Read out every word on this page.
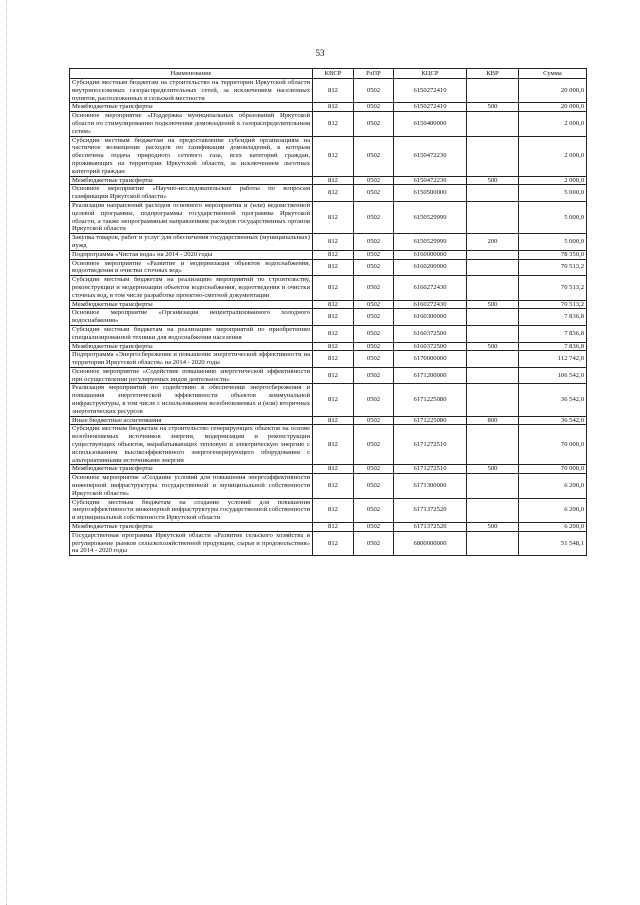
53
Наименование	КВСР	РзПР	КЦСР	КВР	Сумма
Субсидии местным бюджетам на строительство на территории Иркутской области внутрипоселковых газораспределительных сетей, за исключением населенных пунктов, расположенных в сельской местности	812	0502	6150272410		20 000,0
Межбюджетные трансферты	812	0502	6150272410	500	20 000,0
Основное мероприятие «Поддержка муниципальных образований Иркутской области по стимулированию подключения домовладений к газораспределительным сетям»	812	0502	6150400000		2 000,0
Субсидии местным бюджетам на предоставление субсидий организациям на частичное возмещение расходов по газификации домовладений, к которым обеспечена подача природного сетевого газа, всех категорий граждан, проживающих на территории Иркутской области, за исключением льготных категорий граждан	812	0502	6150472230		2 000,0
Межбюджетные трансферты	812	0502	6150472230	500	2 000,0
Основное мероприятие «Научно-исследовательские работы по вопросам газификации Иркутской области»	812	0502	6150500000		5 000,0
Реализация направлений расходов основного мероприятия и (или) ведомственной целевой программы, подпрограммы государственной программы Иркутской области, а также непрограммным направлениям расходов государственных органов Иркутской области	812	0502	6150529999		5 000,0
Закупка товаров, работ и услуг для обеспечения государственных (муниципальных) нужд	812	0502	6150529999	200	5 000,0
Подпрограмма «Чистая вода» на 2014 - 2020 годы	812	0502	6160000000		78 350,0
Основное мероприятие «Развитие и модернизация объектов водоснабжения, водоотведения и очистки сточных вод»	812	0502	6160200000		70 513,2
Субсидии местным бюджетам на реализацию мероприятий по строительству, реконструкции и модернизации объектов водоснабжения, водоотведения и очистки сточных вод, в том числе разработке проектно-сметной документации	812	0502	6160272430		70 513,2
Межбюджетные трансферты	812	0502	6160272430	500	70 513,2
Основное мероприятие «Организация нецентрализованного холодного водоснабжения»	812	0502	6160300000		7 836,8
Субсидии местным бюджетам на реализацию мероприятий по приобретению специализированной техники для водоснабжения населения	812	0502	6160372500		7 836,8
Межбюджетные трансферты	812	0502	6160372500	500	7 836,8
Подпрограмма «Энергосбережение и повышение энергетической эффективности на территории Иркутской области» на 2014 - 2020 годы	812	0502	6170000000		112 742,0
Основное мероприятие «Содействие повышению энергетической эффективности при осуществлении регулируемых видов деятельности»	812	0502	6171200000		106 542,0
Реализация мероприятий по содействию в обеспечении энергосбережения и повышения энергетической эффективности объектов коммунальной инфраструктуры, в том числе с использованием возобновляемых и (или) вторичных энергетических ресурсов	812	0502	6171225080		36 542,0
Иные бюджетные ассигнования	812	0502	6171225080	800	36 542,0
Субсидии местным бюджетам на строительство генерирующих объектов на основе возобновляемых источников энергии, модернизации и реконструкции существующих объектов, вырабатывающих тепловую и электрическую энергию с использованием высокоэффективного энергогенерирующего оборудования с альтернативными источниками энергии	812	0502	6171272510		70 000,0
Межбюджетные трансферты	812	0502	6171272510	500	70 000,0
Основное мероприятие «Создание условий для повышения энергоэффективности инженерной инфраструктуры государственной и муниципальной собственности Иркутской области»	812	0502	6171300000		6 200,0
Субсидии местным бюджетам на создание условий для повышения энергоэффективности инженерной инфраструктуры государственной собственности и муниципальной собственности Иркутской области	812	0502	6171372520		6 200,0
Межбюджетные трансферты	812	0502	6171372520	500	6 200,0
Государственная программа Иркутской области «Развитие сельского хозяйства и регулирование рынков сельскохозяйственной продукции, сырья и продовольствия» на 2014 - 2020 годы	812	0502	6800000000		51 548,1
